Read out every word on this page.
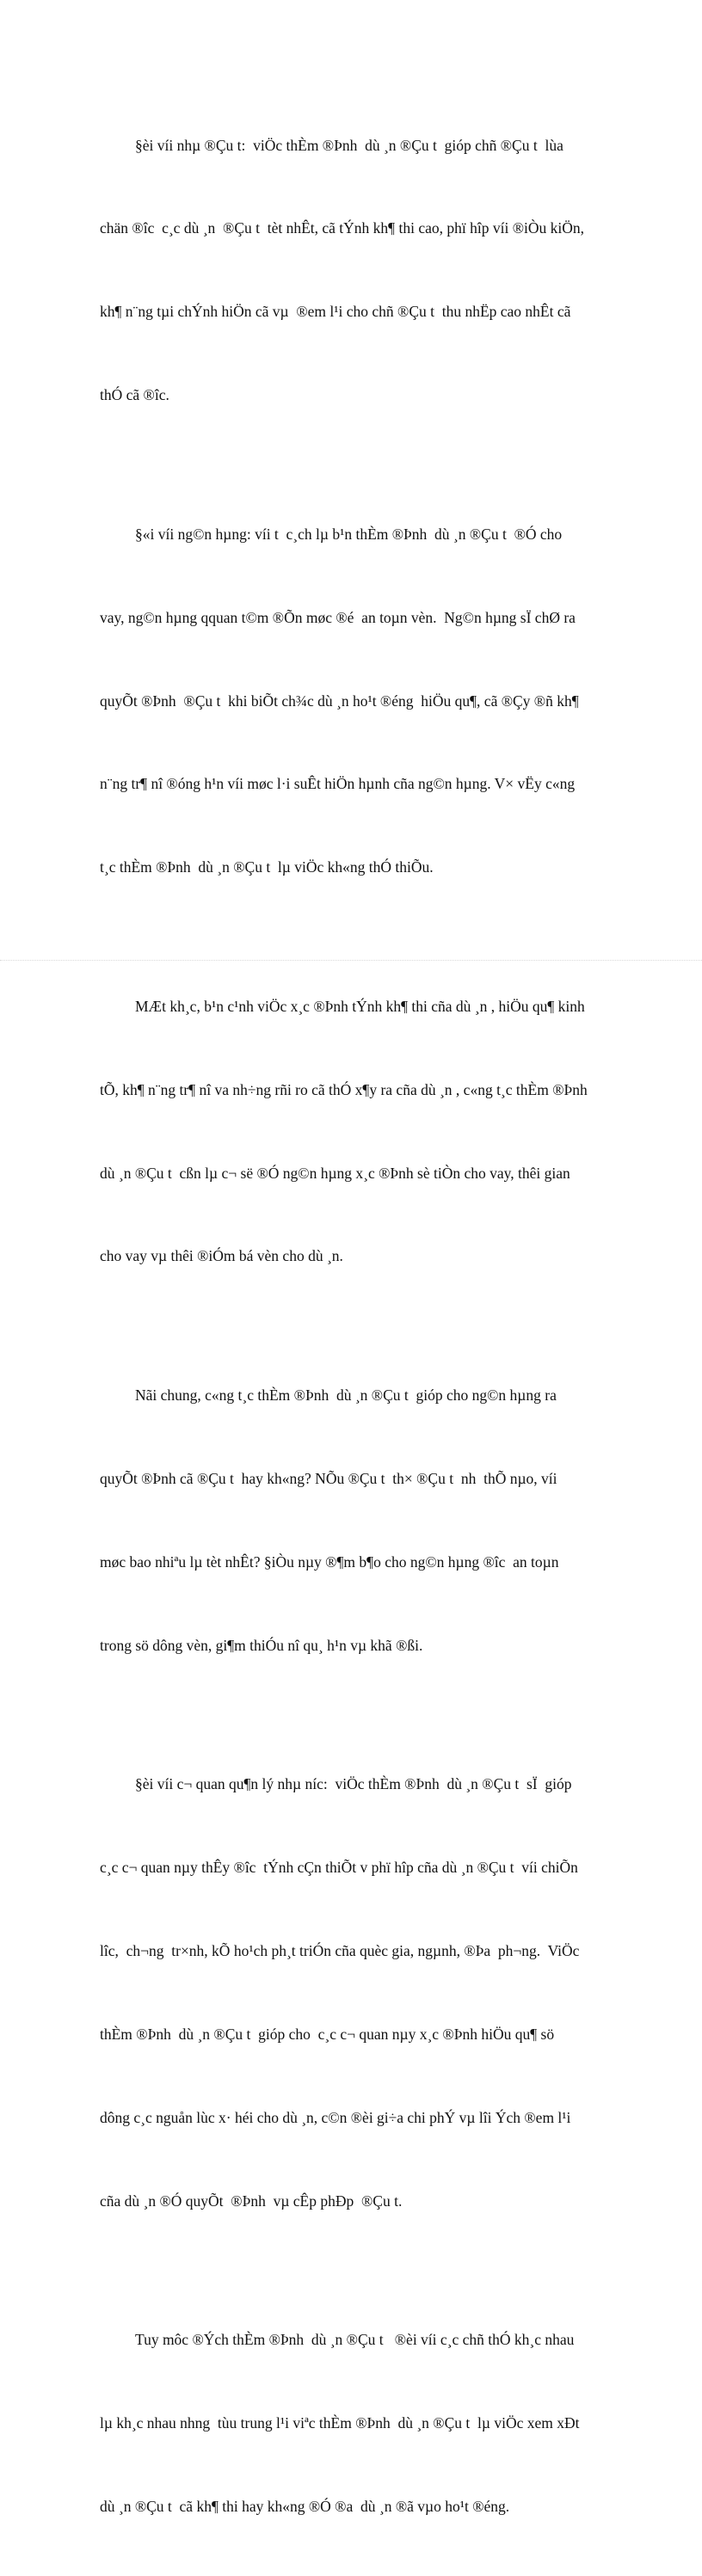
§èi víi nhµ ®Çu t:  viÖc thÈm ®Þnh  dù ¸n ®Çu t  gióp chñ ®Çu t  lùa

chän ®îc  c¸c dù ¸n  ®Çu t  tèt nhÊt, cã tÝnh kh¶ thi cao, phï hîp víi ®iÒu kiÖn,

kh¶ n¨ng tµi chÝnh hiÖn cã vµ  ®em l¹i cho chñ ®Çu t  thu nhËp cao nhÊt cã

thÓ cã ®îc.

§«i víi ng©n hµng: víi t  c¸ch lµ b¹n thÈm ®Þnh  dù ¸n ®Çu t  ®Ó cho

vay, ng©n hµng qquan t©m ®Õn møc ®é  an toµn vèn.  Ng©n hµng sÏ chØ ra

quyÕt ®Þnh  ®Çu t  khi biÕt ch¾c dù ¸n ho¹t ®éng  hiÖu qu¶, cã ®Çy ®ñ kh¶

n¨ng tr¶ nî ®óng h¹n víi møc l·i suÊt hiÖn hµnh cña ng©n hµng. V× vËy c«ng

t¸c thÈm ®Þnh  dù ¸n ®Çu t  lµ viÖc kh«ng thÓ thiÕu.

MÆt kh¸c, b¹n c¹nh viÖc x¸c ®Þnh tÝnh kh¶ thi cña dù ¸n , hiÖu qu¶ kinh

tÕ, kh¶ n¨ng tr¶ nî va nh÷ng rñi ro cã thÓ x¶y ra cña dù ¸n , c«ng t¸c thÈm ®Þnh

dù ¸n ®Çu t  cßn lµ c¬ së ®Ó ng©n hµng x¸c ®Þnh sè tiÒn cho vay, thêi gian

cho vay vµ thêi ®iÓm bá vèn cho dù ¸n.

Nãi chung, c«ng t¸c thÈm ®Þnh  dù ¸n ®Çu t  gióp cho ng©n hµng ra

quyÕt ®Þnh cã ®Çu t  hay kh«ng? NÕu ®Çu t  th× ®Çu t  nh  thÕ nµo, víi

møc bao nhiªu lµ tèt nhÊt? §iÒu nµy ®¶m b¶o cho ng©n hµng ®îc  an toµn

trong sö dông vèn, gi¶m thiÓu nî qu¸ h¹n vµ khã ®ßi.

§èi víi c¬ quan qu¶n lý nhµ níc:  viÖc thÈm ®Þnh  dù ¸n ®Çu t  sÏ  gióp

c¸c c¬ quan nµy thÊy ®îc  tÝnh cÇn thiÕt v phï hîp cña dù ¸n ®Çu t  víi chiÕn

lîc,  ch¬ng  tr×nh, kÕ ho¹ch ph¸t triÓn cña quèc gia, ngµnh, ®Þa  ph¬ng.  ViÖc

thÈm ®Þnh  dù ¸n ®Çu t  gióp cho  c¸c c¬ quan nµy x¸c ®Þnh hiÖu qu¶ sö

dông c¸c nguån lùc x· héi cho dù ¸n, c©n ®èi gi÷a chi phÝ vµ lîi Ých ®em l¹i

cña dù ¸n ®Ó quyÕt  ®Þnh  vµ cÊp phÐp  ®Çu t.

Tuy môc ®Ých thÈm ®Þnh  dù ¸n ®Çu t   ®èi víi c¸c chñ thÓ kh¸c nhau

lµ kh¸c nhau nhng  tùu trung l¹i viªc thÈm ®Þnh  dù ¸n ®Çu t  lµ viÖc xem xÐt

dù ¸n ®Çu t  cã kh¶ thi hay kh«ng ®Ó ®a  dù ¸n ®ã vµo ho¹t ®éng.
